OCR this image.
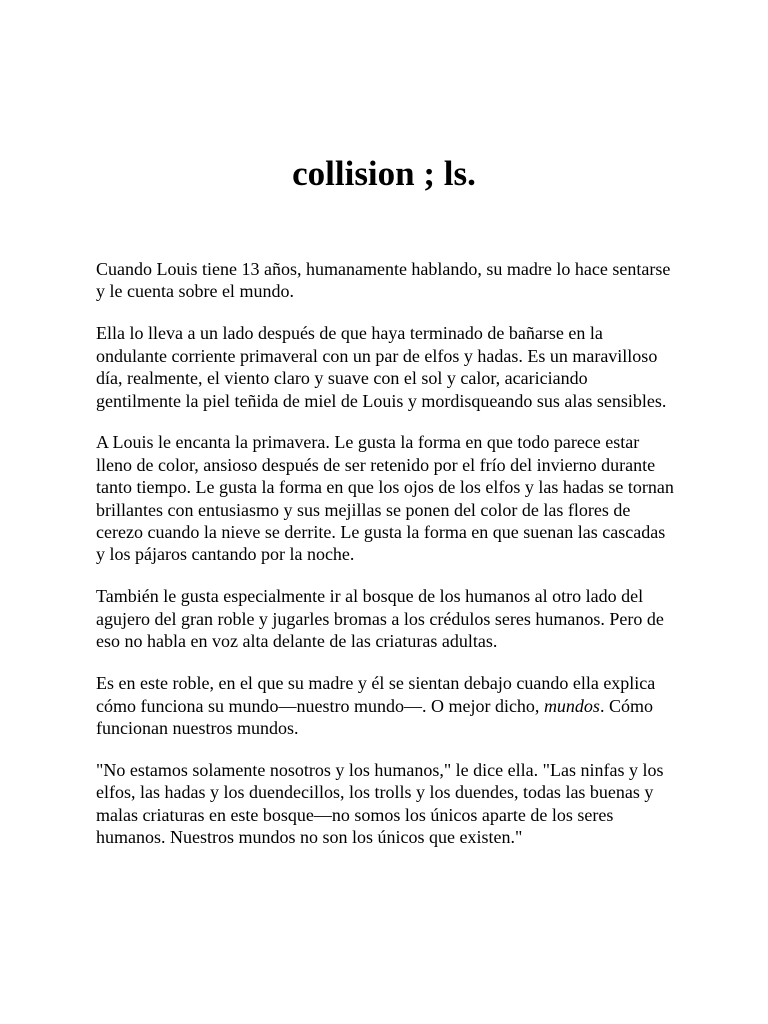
collision ; ls.

Cuando Louis tiene 13 años, humanamente hablando, su madre lo hace sentarse y le cuenta sobre el mundo.

Ella lo lleva a un lado después de que haya terminado de bañarse en la ondulante corriente primaveral con un par de elfos y hadas. Es un maravilloso día, realmente, el viento claro y suave con el sol y calor, acariciando gentilmente la piel teñida de miel de Louis y mordisqueando sus alas sensibles.

A Louis le encanta la primavera. Le gusta la forma en que todo parece estar lleno de color, ansioso después de ser retenido por el frío del invierno durante tanto tiempo. Le gusta la forma en que los ojos de los elfos y las hadas se tornan brillantes con entusiasmo y sus mejillas se ponen del color de las flores de cerezo cuando la nieve se derrite. Le gusta la forma en que suenan las cascadas y los pájaros cantando por la noche.

También le gusta especialmente ir al bosque de los humanos al otro lado del agujero del gran roble y jugarles bromas a los crédulos seres humanos. Pero de eso no habla en voz alta delante de las criaturas adultas.

Es en este roble, en el que su madre y él se sientan debajo cuando ella explica cómo funciona su mundo—nuestro mundo—. O mejor dicho, mundos. Cómo funcionan nuestros mundos.

"No estamos solamente nosotros y los humanos," le dice ella. "Las ninfas y los elfos, las hadas y los duendecillos, los trolls y los duendes, todas las buenas y malas criaturas en este bosque—no somos los únicos aparte de los seres humanos. Nuestros mundos no son los únicos que existen."
